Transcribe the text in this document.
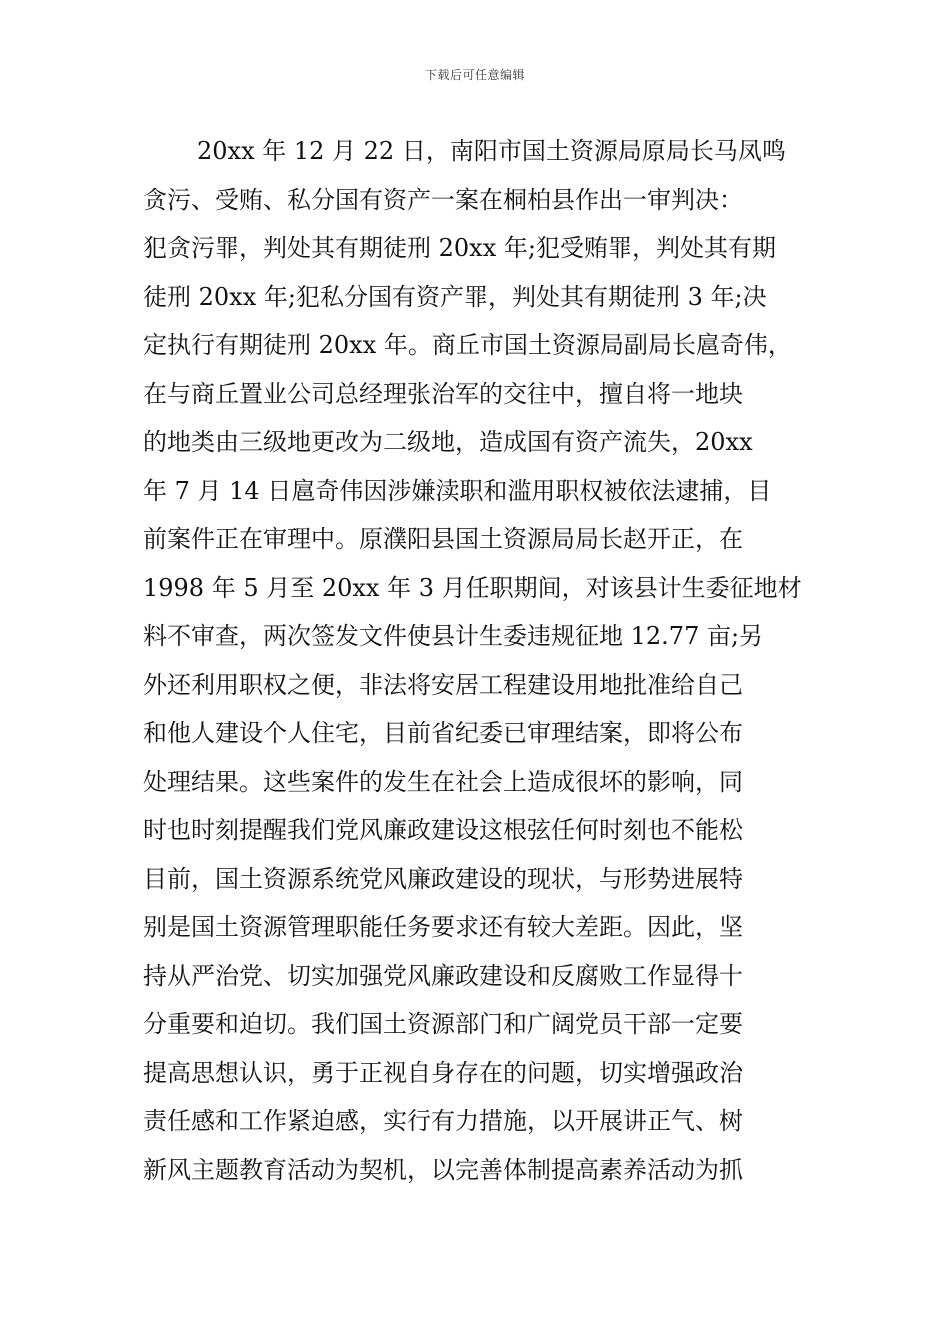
下载后可任意编辑
20xx 年 12 月 22 日，南阳市国土资源局原局长马凤鸣
贪污、受贿、私分国有资产一案在桐柏县作出一审判决：
犯贪污罪，判处其有期徒刑 20xx 年;犯受贿罪，判处其有期
徒刑 20xx 年;犯私分国有资产罪，判处其有期徒刑 3 年;决
定执行有期徒刑 20xx 年。商丘市国土资源局副局长扈奇伟，
在与商丘置业公司总经理张治军的交往中，擅自将一地块
的地类由三级地更改为二级地，造成国有资产流失，20xx
年 7 月 14 日扈奇伟因涉嫌渎职和滥用职权被依法逮捕，目
前案件正在审理中。原濮阳县国土资源局局长赵开正，在
1998 年 5 月至 20xx 年 3 月任职期间，对该县计生委征地材
料不审查，两次签发文件使县计生委违规征地 12.77 亩;另
外还利用职权之便，非法将安居工程建设用地批准给自己
和他人建设个人住宅，目前省纪委已审理结案，即将公布
处理结果。这些案件的发生在社会上造成很坏的影响，同
时也时刻提醒我们党风廉政建设这根弦任何时刻也不能松
目前，国土资源系统党风廉政建设的现状，与形势进展特
别是国土资源管理职能任务要求还有较大差距。因此，坚
持从严治党、切实加强党风廉政建设和反腐败工作显得十
分重要和迫切。我们国土资源部门和广阔党员干部一定要
提高思想认识，勇于正视自身存在的问题，切实增强政治
责任感和工作紧迫感，实行有力措施，以开展讲正气、树
新风主题教育活动为契机，以完善体制提高素养活动为抓
